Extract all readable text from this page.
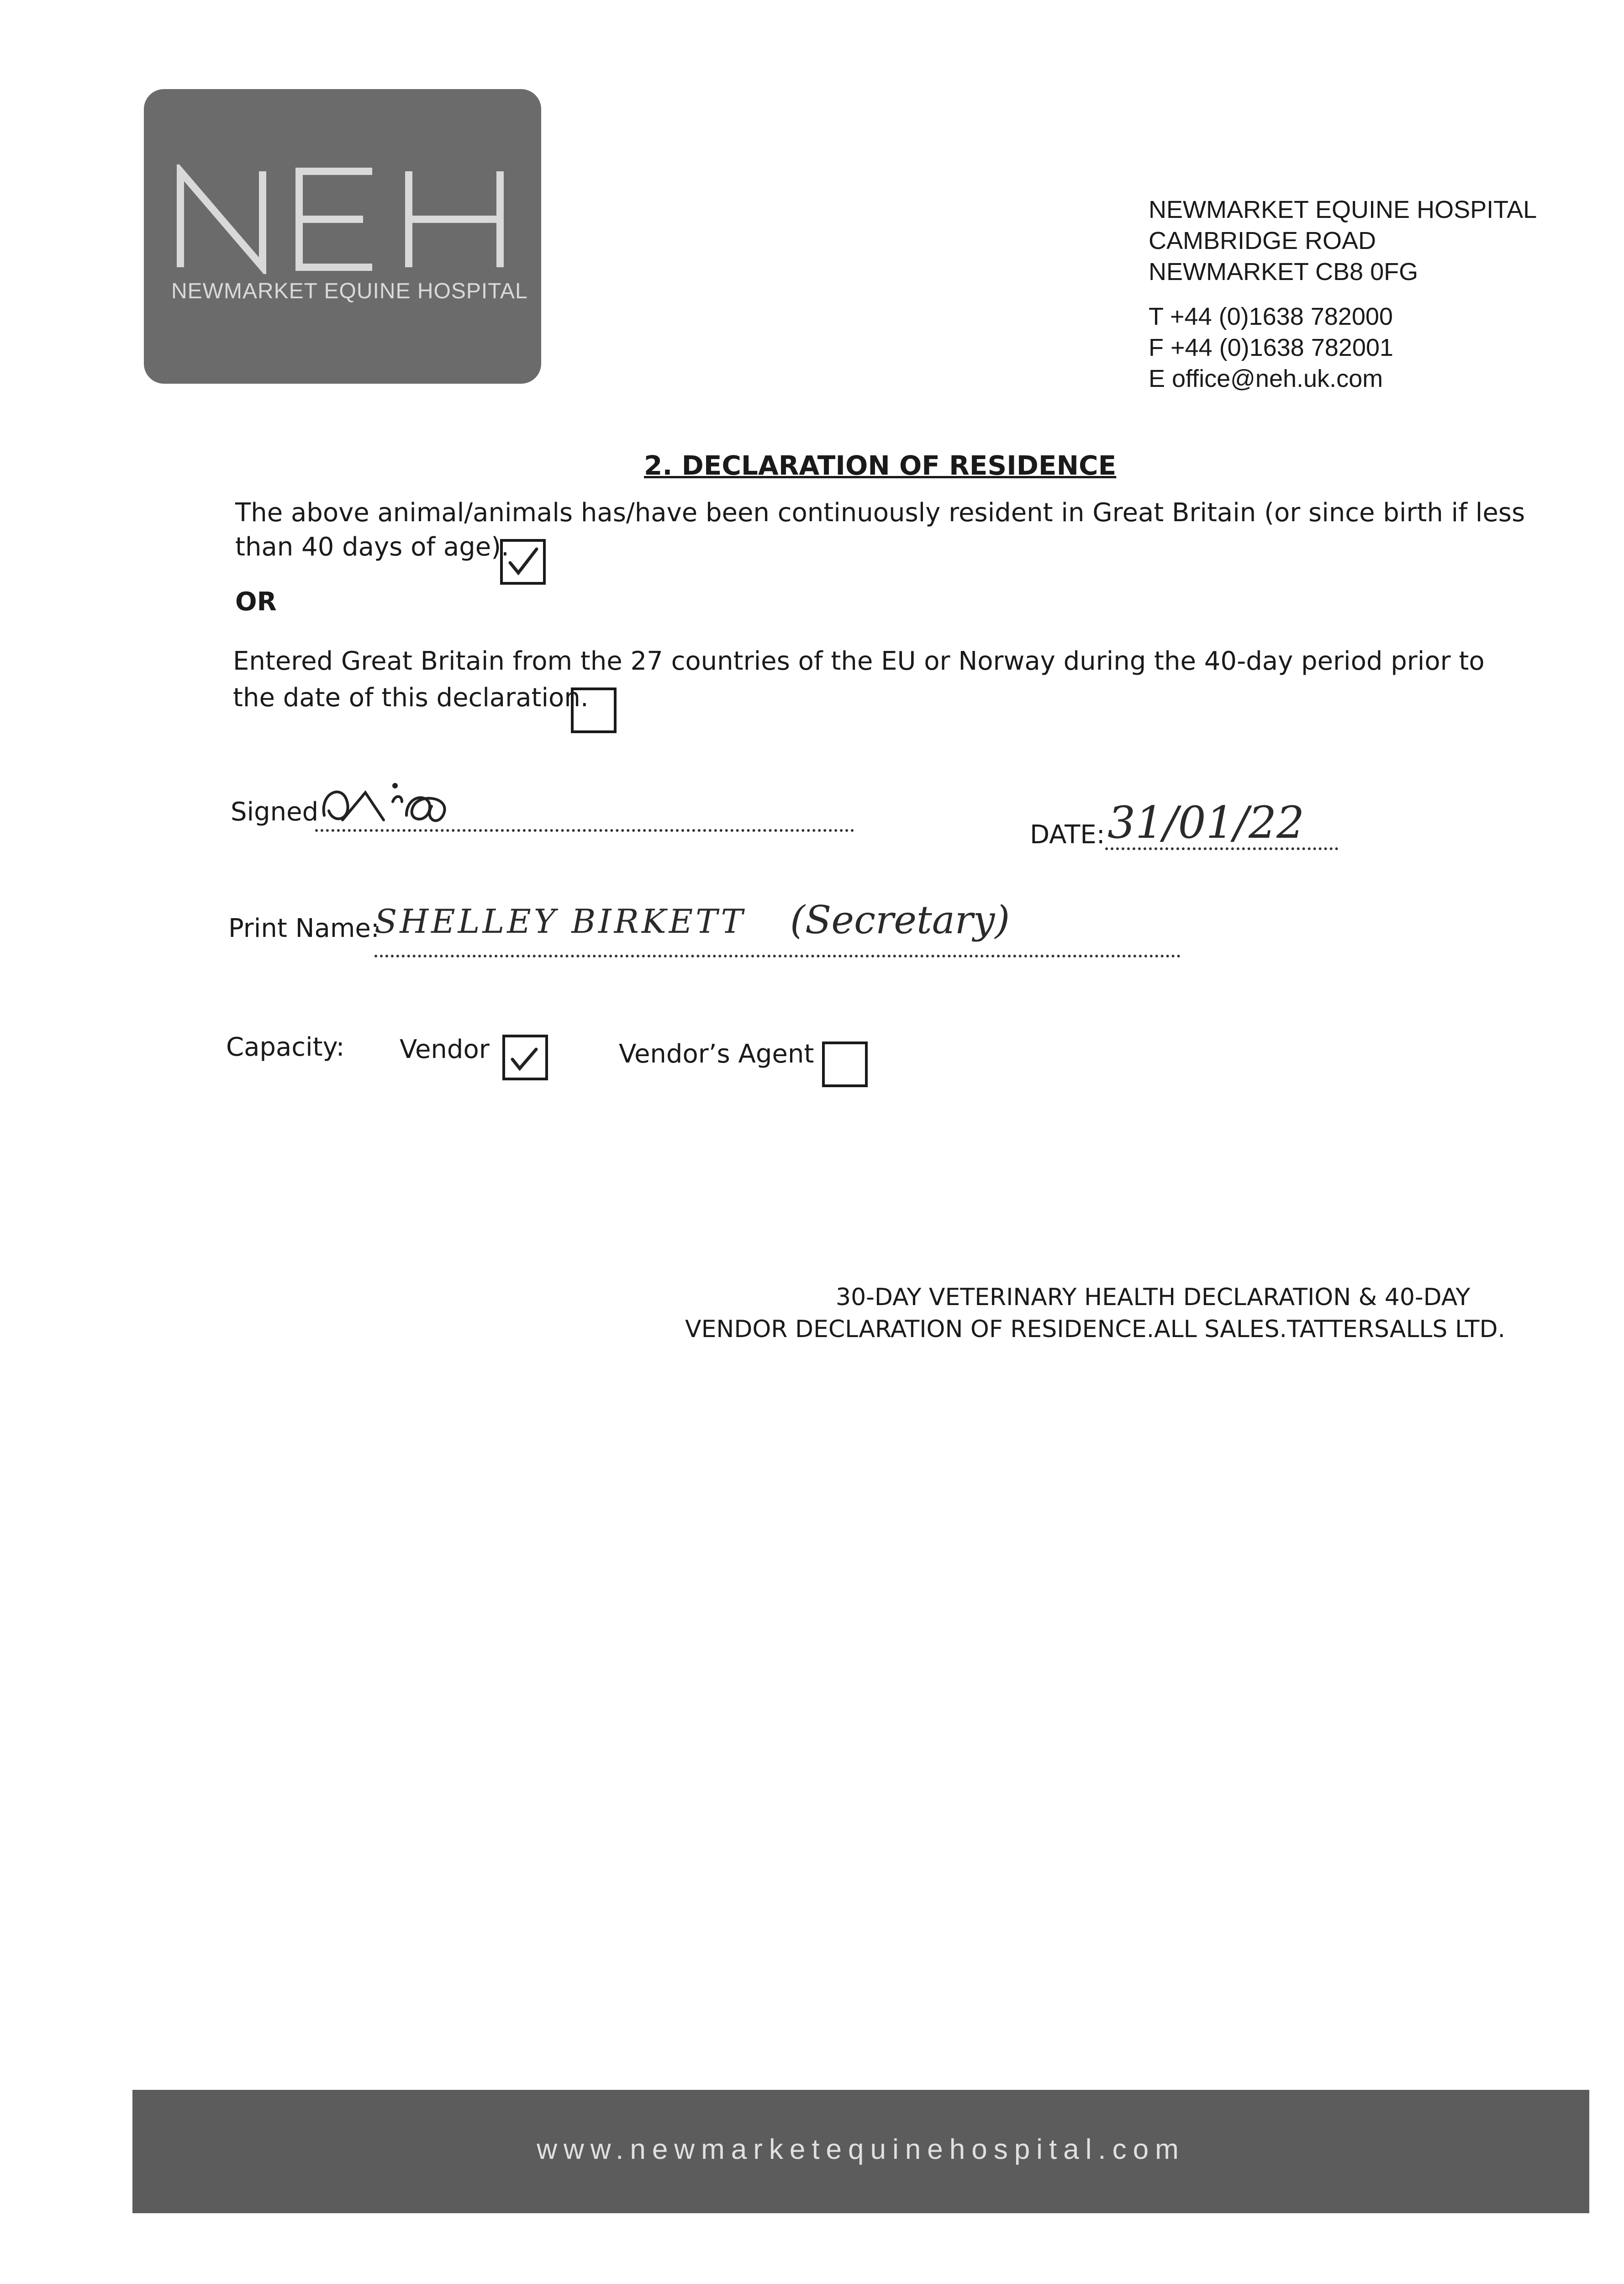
NEWMARKET EQUINE HOSPITAL
NEWMARKET EQUINE HOSPITAL
CAMBRIDGE ROAD
NEWMARKET CB8 0FG
T +44 (0)1638 782000
F +44 (0)1638 782001
E office@neh.uk.com
2. DECLARATION OF RESIDENCE
The above animal/animals has/have been continuously resident in Great Britain (or since birth if less
than 40 days of age).
OR
Entered Great Britain from the 27 countries of the EU or Norway during the 40-day period prior to
the date of this declaration.
Signed
DATE: 31/01/22
Print Name:
SHELLEY BIRKETT (Secretary)
Capacity: Vendor	Vendor’s Agent
30-DAY VETERINARY HEALTH DECLARATION & 40-DAY
VENDOR DECLARATION OF RESIDENCE.ALL SALES.TATTERSALLS LTD.
www.newmarketequinehospital.com
